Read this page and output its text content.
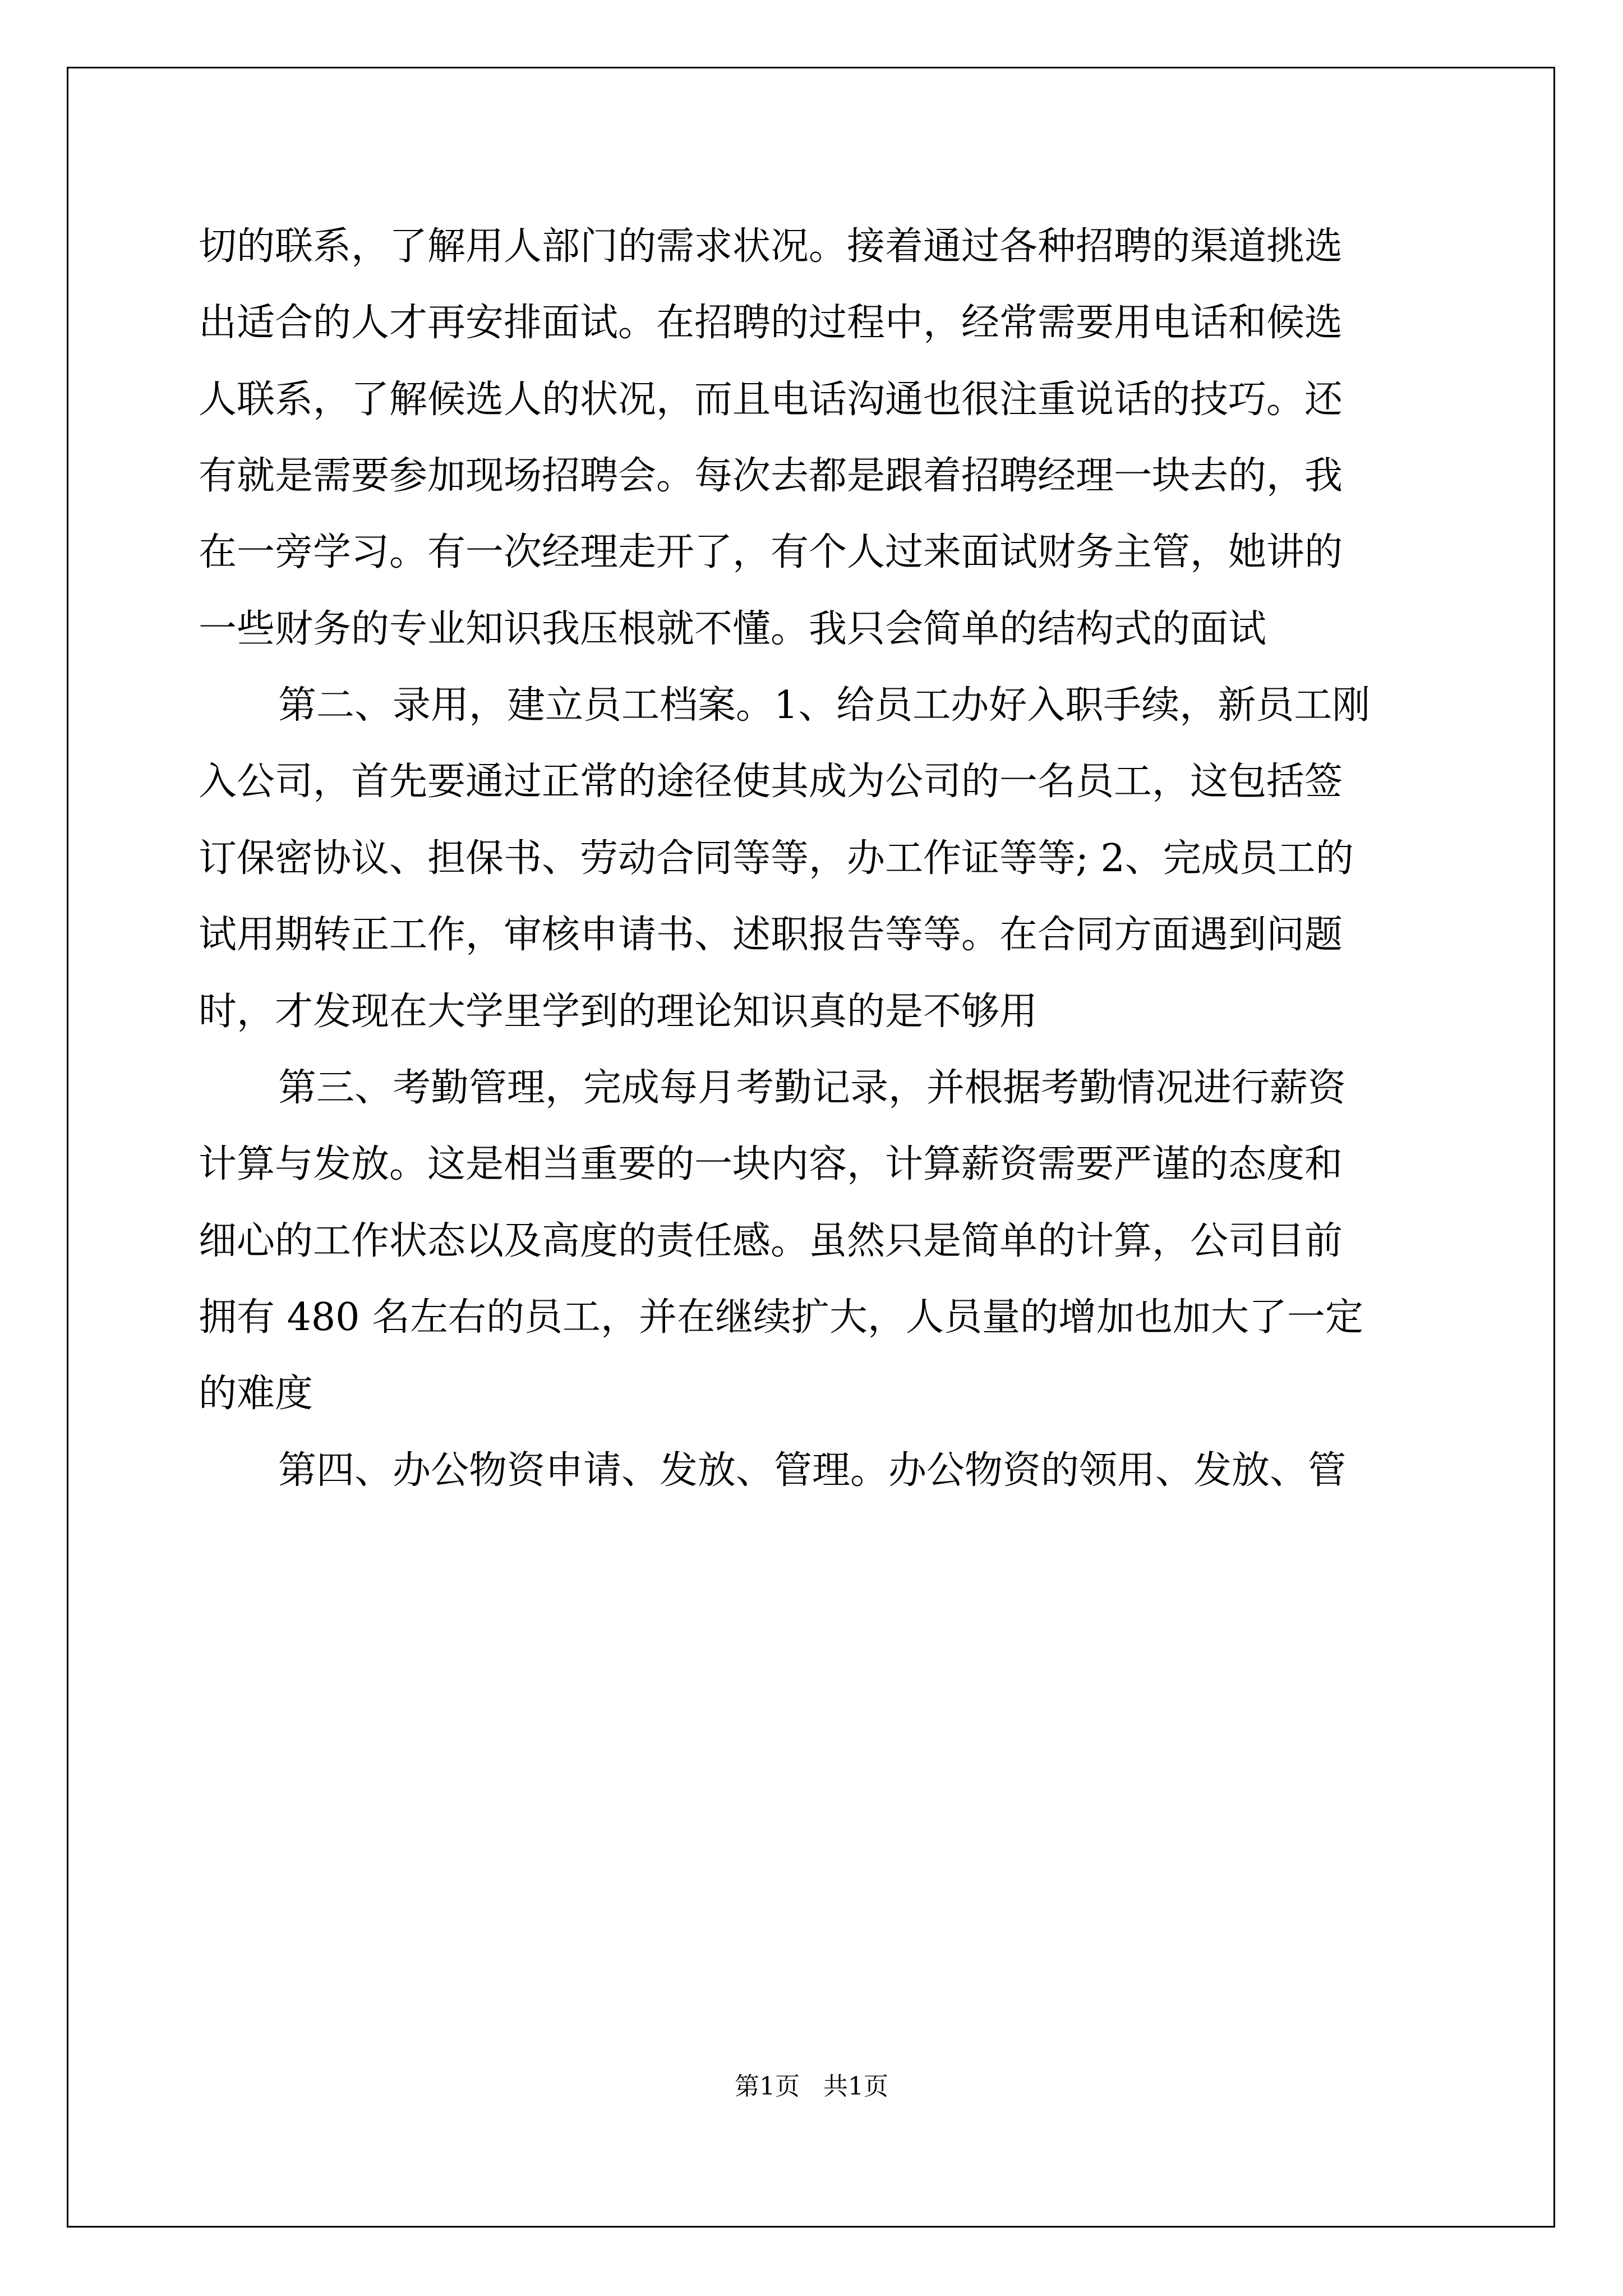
切的联系，了解用人部门的需求状况。接着通过各种招聘的渠道挑选
出适合的人才再安排面试。在招聘的过程中，经常需要用电话和候选
人联系，了解候选人的状况，而且电话沟通也很注重说话的技巧。还
有就是需要参加现场招聘会。每次去都是跟着招聘经理一块去的，我
在一旁学习。有一次经理走开了，有个人过来面试财务主管，她讲的
一些财务的专业知识我压根就不懂。我只会简单的结构式的面试
第二、录用，建立员工档案。1、给员工办好入职手续，新员工刚
入公司，首先要通过正常的途径使其成为公司的一名员工，这包括签
订保密协议、担保书、劳动合同等等，办工作证等等; 2、完成员工的
试用期转正工作，审核申请书、述职报告等等。在合同方面遇到问题
时，才发现在大学里学到的理论知识真的是不够用
第三、考勤管理，完成每月考勤记录，并根据考勤情况进行薪资
计算与发放。这是相当重要的一块内容，计算薪资需要严谨的态度和
细心的工作状态以及高度的责任感。虽然只是简单的计算，公司目前
拥有 480 名左右的员工，并在继续扩大，人员量的增加也加大了一定
的难度
第四、办公物资申请、发放、管理。办公物资的领用、发放、管
第1页   共1页
